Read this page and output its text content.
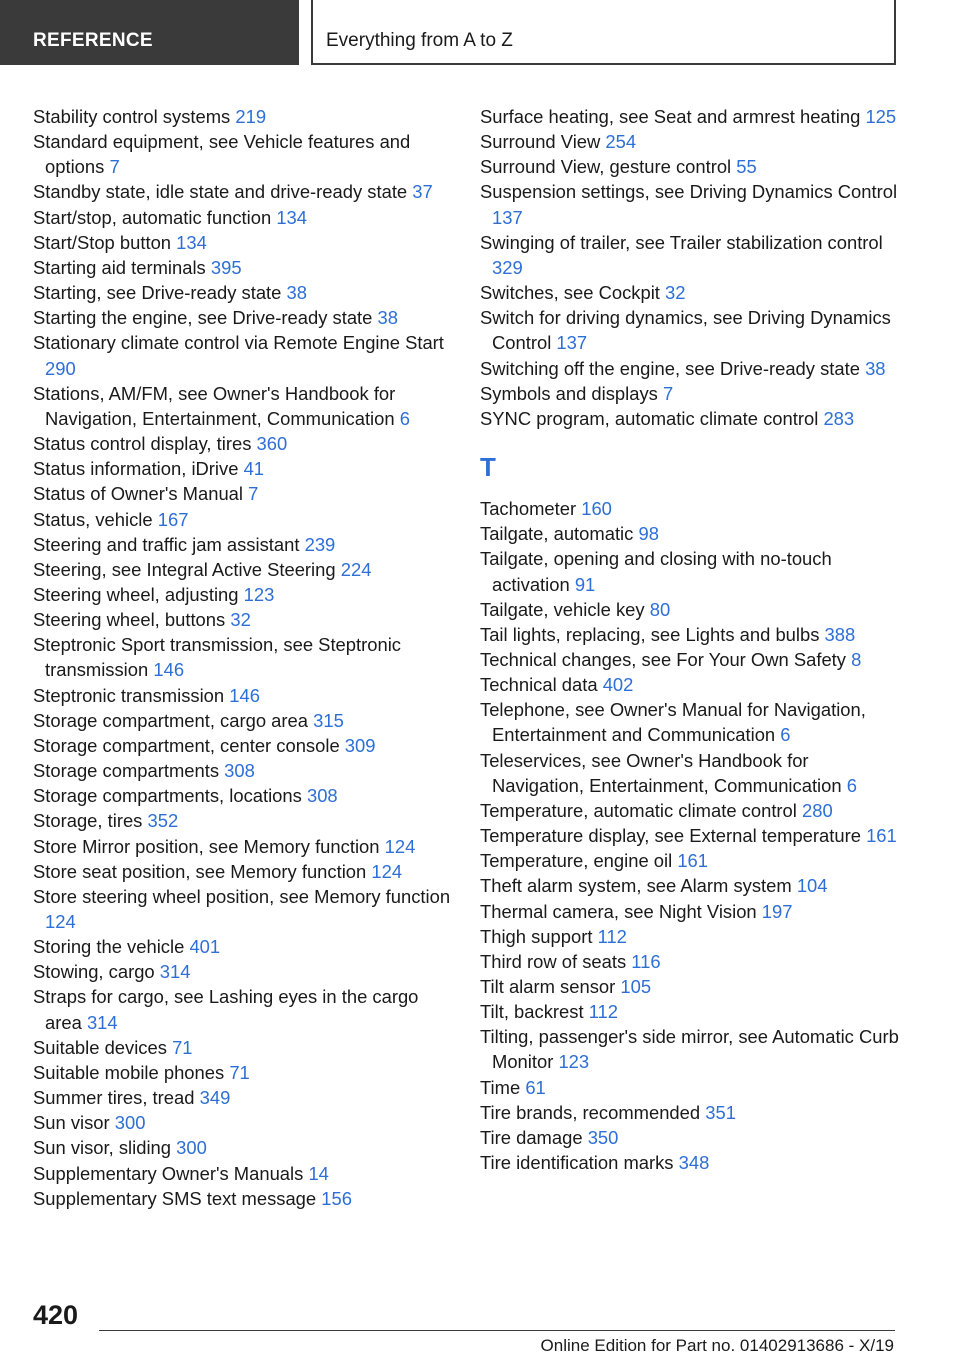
REFERENCE	Everything from A to Z
Stability control systems 219
Standard equipment, see Vehicle features and options 7
Standby state, idle state and drive-ready state 37
Start/stop, automatic function 134
Start/Stop button 134
Starting aid terminals 395
Starting, see Drive-ready state 38
Starting the engine, see Drive-ready state 38
Stationary climate control via Remote Engine Start 290
Stations, AM/FM, see Owner's Handbook for Navigation, Entertainment, Communication 6
Status control display, tires 360
Status information, iDrive 41
Status of Owner's Manual 7
Status, vehicle 167
Steering and traffic jam assistant 239
Steering, see Integral Active Steering 224
Steering wheel, adjusting 123
Steering wheel, buttons 32
Steptronic Sport transmission, see Steptronic transmission 146
Steptronic transmission 146
Storage compartment, cargo area 315
Storage compartment, center console 309
Storage compartments 308
Storage compartments, locations 308
Storage, tires 352
Store Mirror position, see Memory function 124
Store seat position, see Memory function 124
Store steering wheel position, see Memory function 124
Storing the vehicle 401
Stowing, cargo 314
Straps for cargo, see Lashing eyes in the cargo area 314
Suitable devices 71
Suitable mobile phones 71
Summer tires, tread 349
Sun visor 300
Sun visor, sliding 300
Supplementary Owner's Manuals 14
Supplementary SMS text message 156
Surface heating, see Seat and armrest heating 125
Surround View 254
Surround View, gesture control 55
Suspension settings, see Driving Dynamics Control 137
Swinging of trailer, see Trailer stabilization control 329
Switches, see Cockpit 32
Switch for driving dynamics, see Driving Dynamics Control 137
Switching off the engine, see Drive-ready state 38
Symbols and displays 7
SYNC program, automatic climate control 283
T
Tachometer 160
Tailgate, automatic 98
Tailgate, opening and closing with no-touch activation 91
Tailgate, vehicle key 80
Tail lights, replacing, see Lights and bulbs 388
Technical changes, see For Your Own Safety 8
Technical data 402
Telephone, see Owner's Manual for Navigation, Entertainment and Communication 6
Teleservices, see Owner's Handbook for Navigation, Entertainment, Communication 6
Temperature, automatic climate control 280
Temperature display, see External temperature 161
Temperature, engine oil 161
Theft alarm system, see Alarm system 104
Thermal camera, see Night Vision 197
Thigh support 112
Third row of seats 116
Tilt alarm sensor 105
Tilt, backrest 112
Tilting, passenger's side mirror, see Automatic Curb Monitor 123
Time 61
Tire brands, recommended 351
Tire damage 350
Tire identification marks 348
420
Online Edition for Part no. 01402913686 - X/19
